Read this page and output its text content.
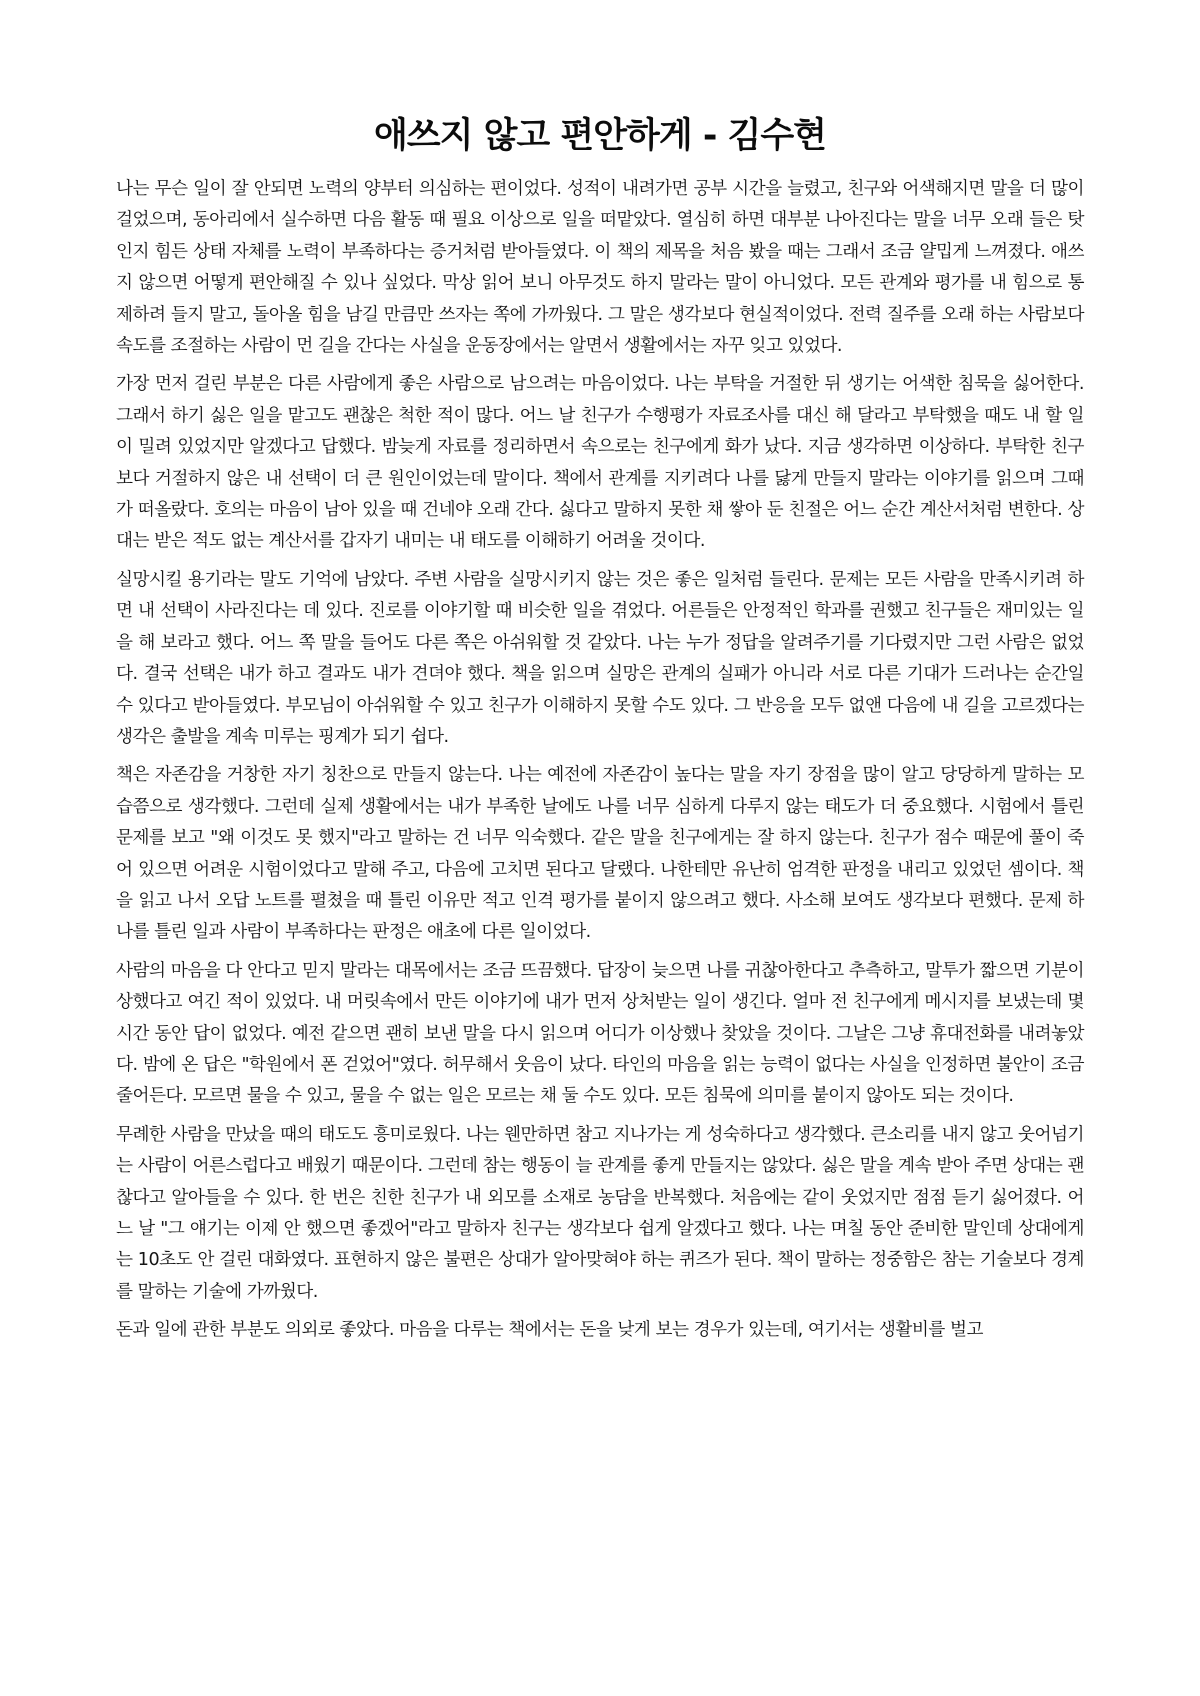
애쓰지 않고 편안하게 - 김수현

나는 무슨 일이 잘 안되면 노력의 양부터 의심하는 편이었다. 성적이 내려가면 공부 시간을 늘렸고, 친구와 어색해지면 말을 더 많이 걸었으며, 동아리에서 실수하면 다음 활동 때 필요 이상으로 일을 떠맡았다. 열심히 하면 대부분 나아진다는 말을 너무 오래 들은 탓인지 힘든 상태 자체를 노력이 부족하다는 증거처럼 받아들였다. 이 책의 제목을 처음 봤을 때는 그래서 조금 얄밉게 느껴졌다. 애쓰지 않으면 어떻게 편안해질 수 있나 싶었다. 막상 읽어 보니 아무것도 하지 말라는 말이 아니었다. 모든 관계와 평가를 내 힘으로 통제하려 들지 말고, 돌아올 힘을 남길 만큼만 쓰자는 쪽에 가까웠다. 그 말은 생각보다 현실적이었다. 전력 질주를 오래 하는 사람보다 속도를 조절하는 사람이 먼 길을 간다는 사실을 운동장에서는 알면서 생활에서는 자꾸 잊고 있었다.

가장 먼저 걸린 부분은 다른 사람에게 좋은 사람으로 남으려는 마음이었다. 나는 부탁을 거절한 뒤 생기는 어색한 침묵을 싫어한다. 그래서 하기 싫은 일을 맡고도 괜찮은 척한 적이 많다. 어느 날 친구가 수행평가 자료조사를 대신 해 달라고 부탁했을 때도 내 할 일이 밀려 있었지만 알겠다고 답했다. 밤늦게 자료를 정리하면서 속으로는 친구에게 화가 났다. 지금 생각하면 이상하다. 부탁한 친구보다 거절하지 않은 내 선택이 더 큰 원인이었는데 말이다. 책에서 관계를 지키려다 나를 닳게 만들지 말라는 이야기를 읽으며 그때가 떠올랐다. 호의는 마음이 남아 있을 때 건네야 오래 간다. 싫다고 말하지 못한 채 쌓아 둔 친절은 어느 순간 계산서처럼 변한다. 상대는 받은 적도 없는 계산서를 갑자기 내미는 내 태도를 이해하기 어려울 것이다.

실망시킬 용기라는 말도 기억에 남았다. 주변 사람을 실망시키지 않는 것은 좋은 일처럼 들린다. 문제는 모든 사람을 만족시키려 하면 내 선택이 사라진다는 데 있다. 진로를 이야기할 때 비슷한 일을 겪었다. 어른들은 안정적인 학과를 권했고 친구들은 재미있는 일을 해 보라고 했다. 어느 쪽 말을 들어도 다른 쪽은 아쉬워할 것 같았다. 나는 누가 정답을 알려주기를 기다렸지만 그런 사람은 없었다. 결국 선택은 내가 하고 결과도 내가 견뎌야 했다. 책을 읽으며 실망은 관계의 실패가 아니라 서로 다른 기대가 드러나는 순간일 수 있다고 받아들였다. 부모님이 아쉬워할 수 있고 친구가 이해하지 못할 수도 있다. 그 반응을 모두 없앤 다음에 내 길을 고르겠다는 생각은 출발을 계속 미루는 핑계가 되기 쉽다.

책은 자존감을 거창한 자기 칭찬으로 만들지 않는다. 나는 예전에 자존감이 높다는 말을 자기 장점을 많이 알고 당당하게 말하는 모습쯤으로 생각했다. 그런데 실제 생활에서는 내가 부족한 날에도 나를 너무 심하게 다루지 않는 태도가 더 중요했다. 시험에서 틀린 문제를 보고 "왜 이것도 못 했지"라고 말하는 건 너무 익숙했다. 같은 말을 친구에게는 잘 하지 않는다. 친구가 점수 때문에 풀이 죽어 있으면 어려운 시험이었다고 말해 주고, 다음에 고치면 된다고 달랬다. 나한테만 유난히 엄격한 판정을 내리고 있었던 셈이다. 책을 읽고 나서 오답 노트를 펼쳤을 때 틀린 이유만 적고 인격 평가를 붙이지 않으려고 했다. 사소해 보여도 생각보다 편했다. 문제 하나를 틀린 일과 사람이 부족하다는 판정은 애초에 다른 일이었다.

사람의 마음을 다 안다고 믿지 말라는 대목에서는 조금 뜨끔했다. 답장이 늦으면 나를 귀찮아한다고 추측하고, 말투가 짧으면 기분이 상했다고 여긴 적이 있었다. 내 머릿속에서 만든 이야기에 내가 먼저 상처받는 일이 생긴다. 얼마 전 친구에게 메시지를 보냈는데 몇 시간 동안 답이 없었다. 예전 같으면 괜히 보낸 말을 다시 읽으며 어디가 이상했나 찾았을 것이다. 그날은 그냥 휴대전화를 내려놓았다. 밤에 온 답은 "학원에서 폰 걷었어"였다. 허무해서 웃음이 났다. 타인의 마음을 읽는 능력이 없다는 사실을 인정하면 불안이 조금 줄어든다. 모르면 물을 수 있고, 물을 수 없는 일은 모르는 채 둘 수도 있다. 모든 침묵에 의미를 붙이지 않아도 되는 것이다.

무례한 사람을 만났을 때의 태도도 흥미로웠다. 나는 웬만하면 참고 지나가는 게 성숙하다고 생각했다. 큰소리를 내지 않고 웃어넘기는 사람이 어른스럽다고 배웠기 때문이다. 그런데 참는 행동이 늘 관계를 좋게 만들지는 않았다. 싫은 말을 계속 받아 주면 상대는 괜찮다고 알아들을 수 있다. 한 번은 친한 친구가 내 외모를 소재로 농담을 반복했다. 처음에는 같이 웃었지만 점점 듣기 싫어졌다. 어느 날 "그 얘기는 이제 안 했으면 좋겠어"라고 말하자 친구는 생각보다 쉽게 알겠다고 했다. 나는 며칠 동안 준비한 말인데 상대에게는 10초도 안 걸린 대화였다. 표현하지 않은 불편은 상대가 알아맞혀야 하는 퀴즈가 된다. 책이 말하는 정중함은 참는 기술보다 경계를 말하는 기술에 가까웠다.

돈과 일에 관한 부분도 의외로 좋았다. 마음을 다루는 책에서는 돈을 낮게 보는 경우가 있는데, 여기서는 생활비를 벌고
